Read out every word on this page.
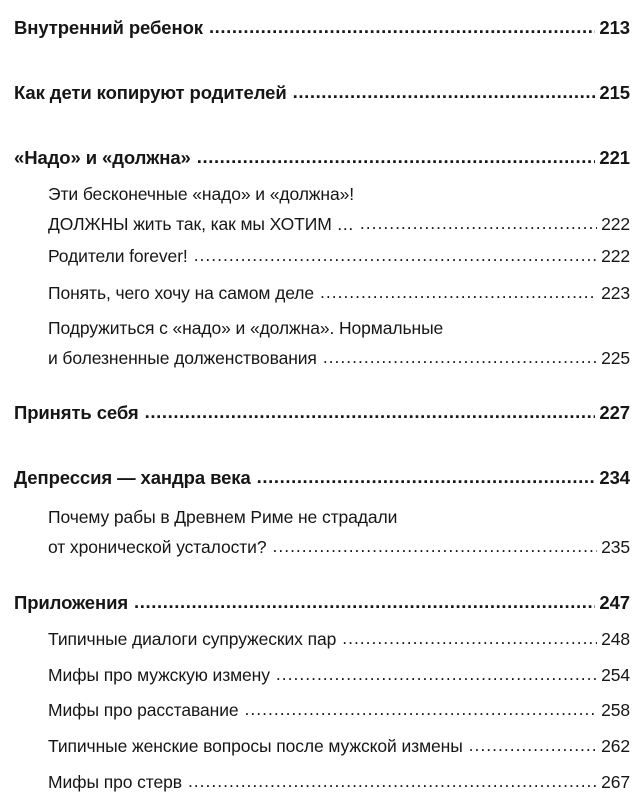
Внутренний ребенок .....	213
Как дети копируют родителей .....	215
«Надо» и «должна» .....	221
Эти бесконечные «надо» и «должна»!
ДОЛЖНЫ жить так, как мы ХОТИМ … .....	222
Родители forever! .....	222
Понять, чего хочу на самом деле .....	223
Подружиться с «надо» и «должна». Нормальные
и болезненные долженствования .....	225
Принять себя .....	227
Депрессия — хандра века .....	234
Почему рабы в Древнем Риме не страдали
от хронической усталости? .....	235
Приложения .....	247
Типичные диалоги супружеских пар .....	248
Мифы про мужскую измену .....	254
Мифы про расставание .....	258
Типичные женские вопросы после мужской измены .....	262
Мифы про стерв .....	267
